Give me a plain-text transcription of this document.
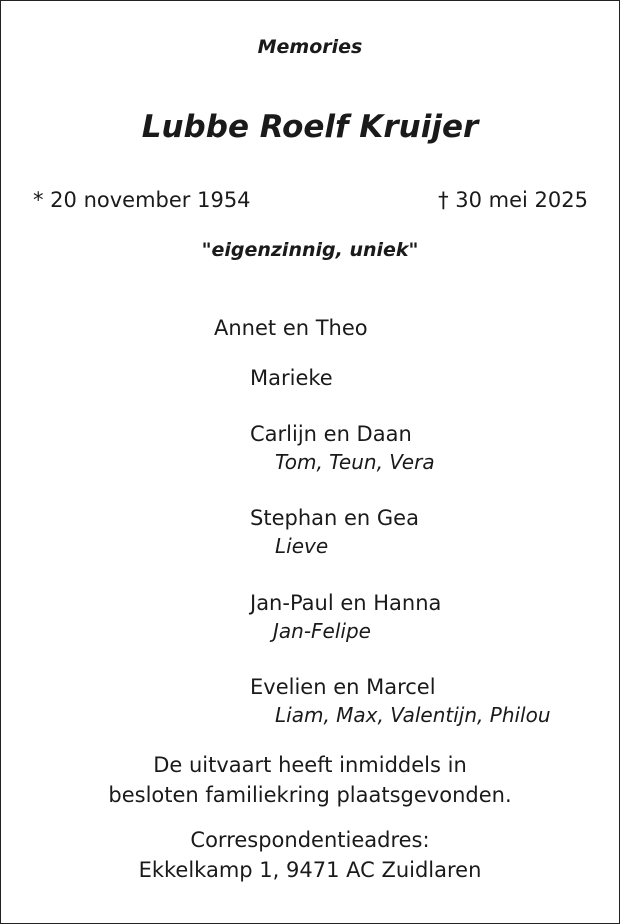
Memories
Lubbe Roelf Kruijer
* 20 november 1954	† 30 mei 2025
"eigenzinnig, uniek"
Annet en Theo
Marieke
Carlijn en Daan
Tom, Teun, Vera
Stephan en Gea
Lieve
Jan-Paul en Hanna
Jan-Felipe
Evelien en Marcel
Liam, Max, Valentijn, Philou
De uitvaart heeft inmiddels in
besloten familiekring plaatsgevonden.
Correspondentieadres:
Ekkelkamp 1, 9471 AC Zuidlaren
